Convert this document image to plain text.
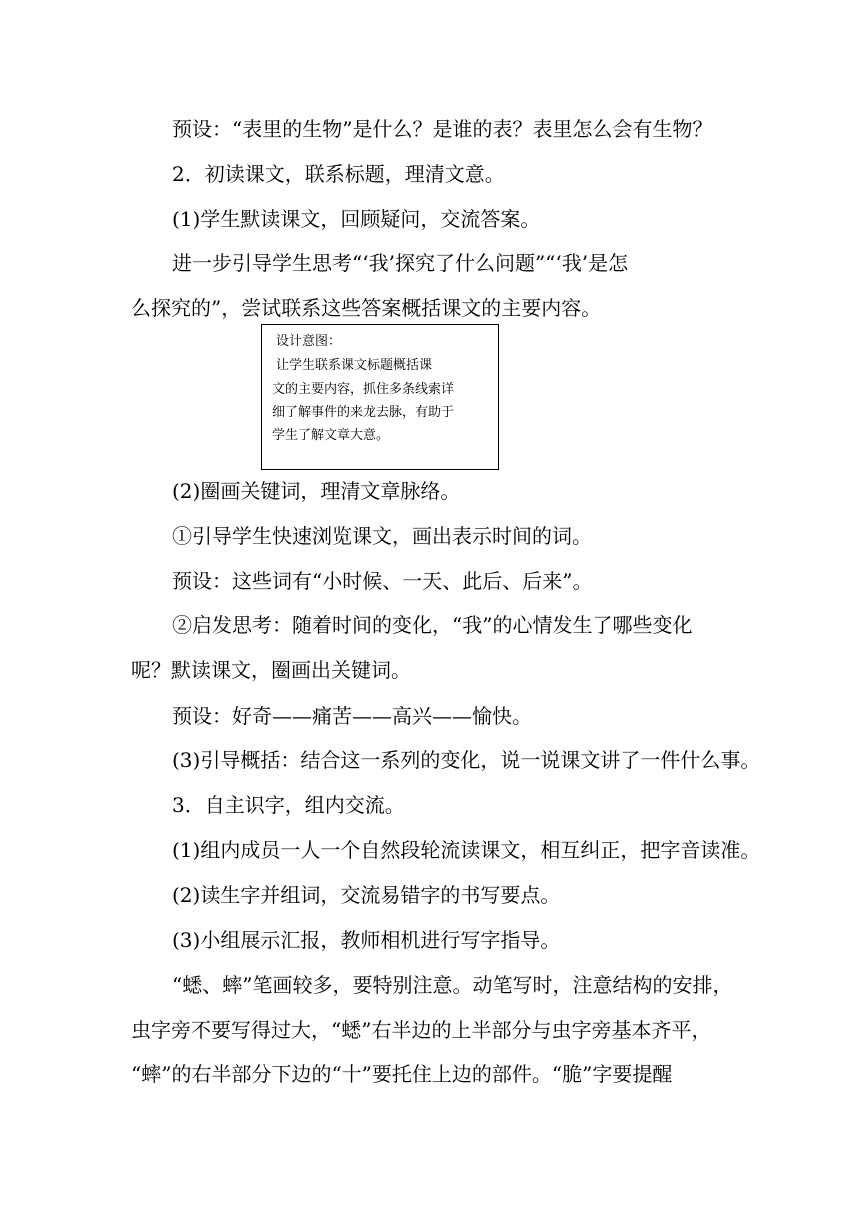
预设：“表里的生物”是什么？是谁的表？表里怎么会有生物？

2．初读课文，联系标题，理清文意。

(1)学生默读课文，回顾疑问，交流答案。

进一步引导学生思考“‘我’探究了什么问题”“‘我’是怎

么探究的”，尝试联系这些答案概括课文的主要内容。

设计意图：

让学生联系课文标题概括课

文的主要内容，抓住多条线索详

细了解事件的来龙去脉，有助于

学生了解文章大意。

(2)圈画关键词，理清文章脉络。

①引导学生快速浏览课文，画出表示时间的词。

预设：这些词有“小时候、一天、此后、后来”。

②启发思考：随着时间的变化，“我”的心情发生了哪些变化

呢？默读课文，圈画出关键词。

预设：好奇——痛苦——高兴——愉快。

(3)引导概括：结合这一系列的变化，说一说课文讲了一件什么事。

3．自主识字，组内交流。

(1)组内成员一人一个自然段轮流读课文，相互纠正，把字音读准。

(2)读生字并组词，交流易错字的书写要点。

(3)小组展示汇报，教师相机进行写字指导。

“蟋、蟀”笔画较多，要特别注意。动笔写时，注意结构的安排，

虫字旁不要写得过大，“蟋”右半边的上半部分与虫字旁基本齐平，

“蟀”的右半部分下边的“十”要托住上边的部件。“脆”字要提醒
